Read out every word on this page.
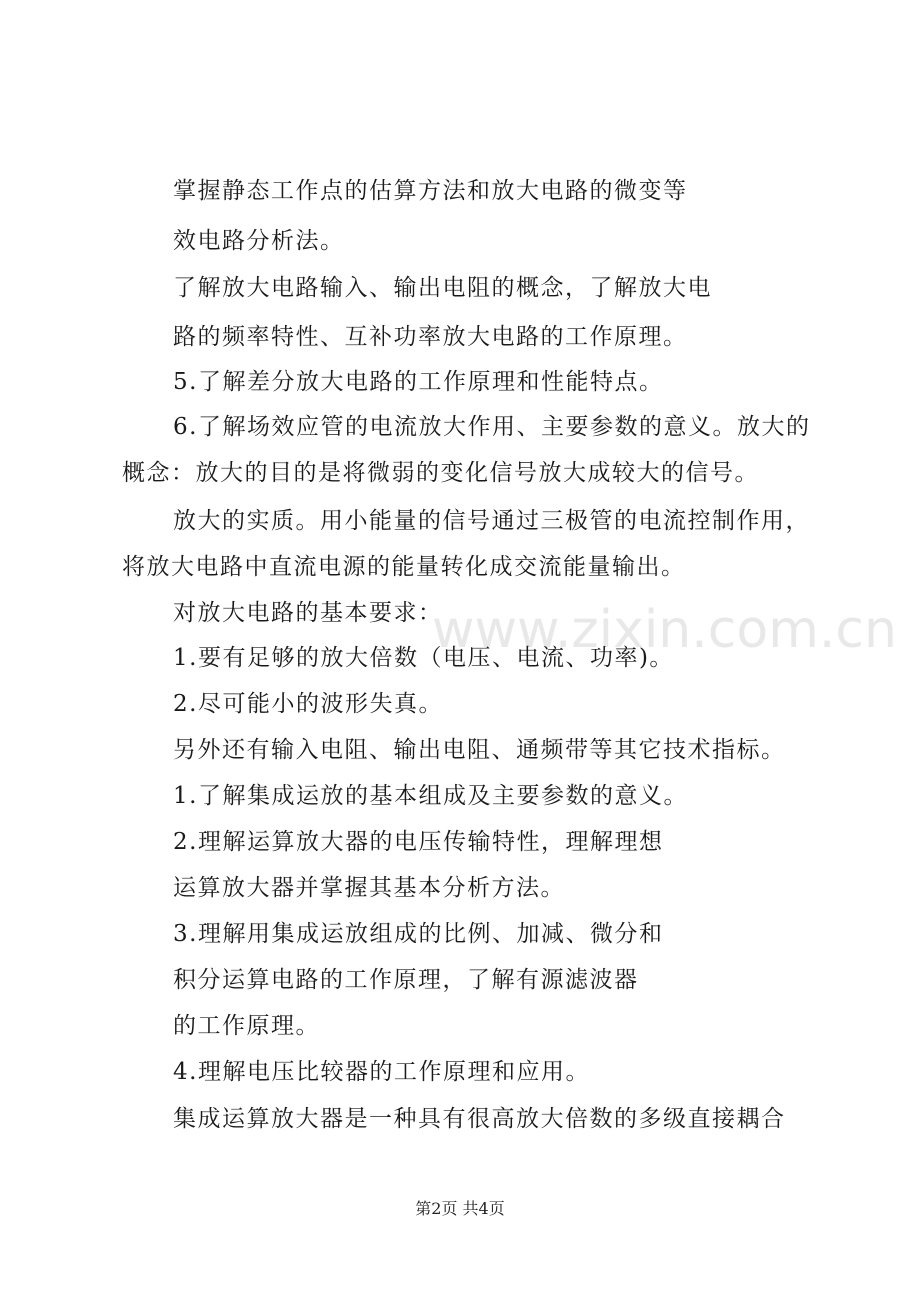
www.zixin.com.cn
掌握静态工作点的估算方法和放大电路的微变等
效电路分析法。
了解放大电路输入、输出电阻的概念，了解放大电
路的频率特性、互补功率放大电路的工作原理。
5.了解差分放大电路的工作原理和性能特点。
6.了解场效应管的电流放大作用、主要参数的意义。放大的
概念：放大的目的是将微弱的变化信号放大成较大的信号。
放大的实质。用小能量的信号通过三极管的电流控制作用，
将放大电路中直流电源的能量转化成交流能量输出。
对放大电路的基本要求：
1.要有足够的放大倍数（电压、电流、功率)。
2.尽可能小的波形失真。
另外还有输入电阻、输出电阻、通频带等其它技术指标。
1.了解集成运放的基本组成及主要参数的意义。
2.理解运算放大器的电压传输特性，理解理想
运算放大器并掌握其基本分析方法。
3.理解用集成运放组成的比例、加减、微分和
积分运算电路的工作原理，了解有源滤波器
的工作原理。
4.理解电压比较器的工作原理和应用。
集成运算放大器是一种具有很高放大倍数的多级直接耦合
第2页 共4页
